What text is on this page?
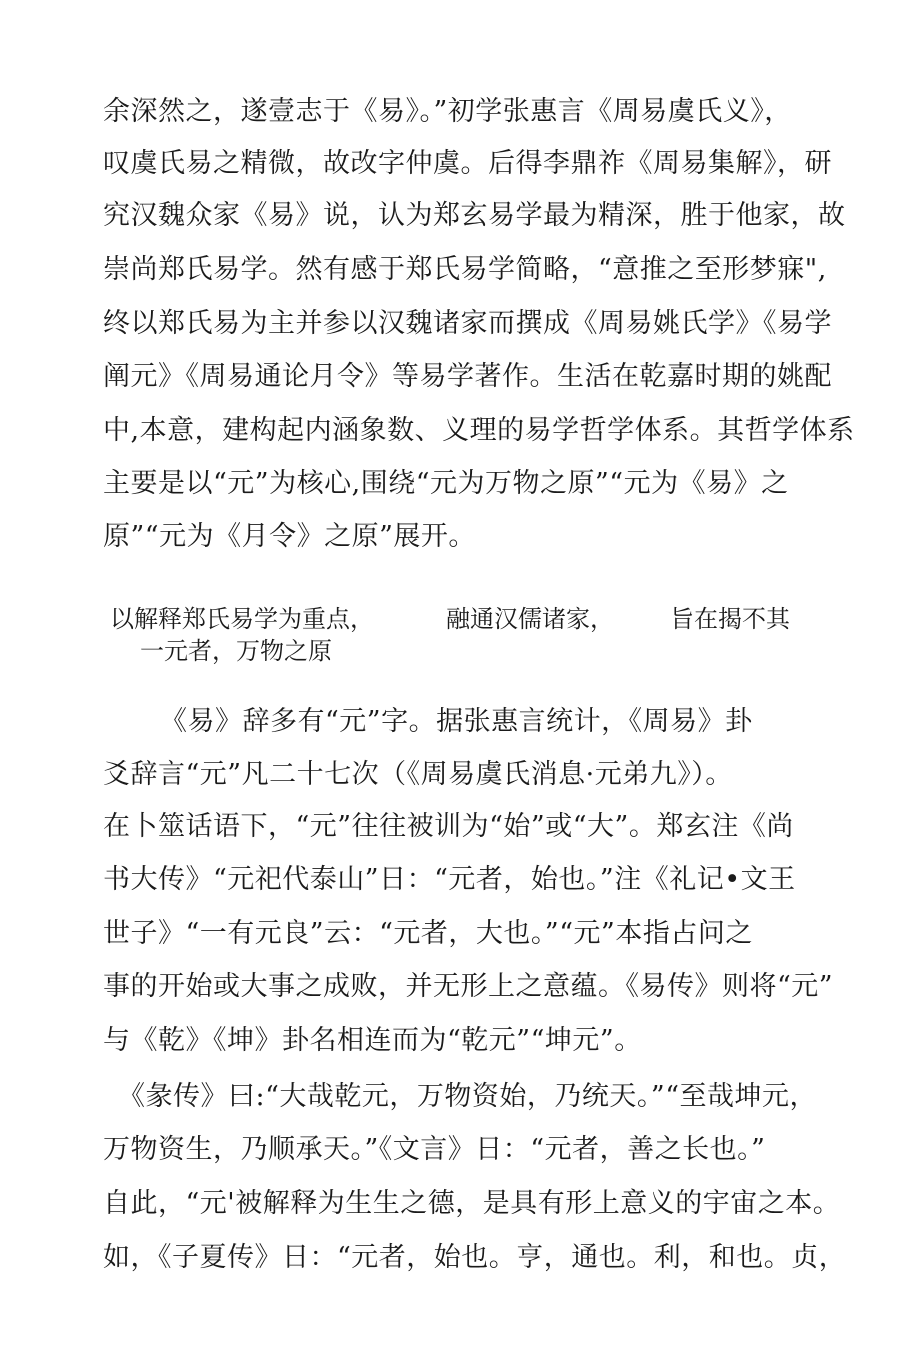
余深然之，遂壹志于《易》。”初学张惠言《周易虞氏义》，
叹虞氏易之精微，故改字仲虞。后得李鼎祚《周易集解》，研
究汉魏众家《易》说，认为郑玄易学最为精深，胜于他家，故
崇尚郑氏易学。然有感于郑氏易学简略，“意推之至形梦寐",
终以郑氏易为主并参以汉魏诸家而撰成《周易姚氏学》《易学
阐元》《周易通论月令》等易学著作。生活在乾嘉时期的姚配
中,本意，建构起内涵象数、义理的易学哲学体系。其哲学体系
主要是以“元”为核心,围绕“元为万物之原”“元为《易》之
原”“元为《月令》之原”展开。
以解释郑氏易学为重点，	融通汉儒诸家， 旨在揭不其
一元者，万物之原
《易》辞多有“元”字。据张惠言统计，《周易》卦
爻辞言“元”凡二十七次（《周易虞氏消息·元弟九》）。
在卜筮话语下，“元”往往被训为“始”或“大”。郑玄注《尚
书大传》“元祀代泰山”日：“元者，始也。”注《礼记•文王
世子》“一有元良”云：“元者，大也。”“元”本指占问之
事的开始或大事之成败，并无形上之意蕴。《易传》则将“元”
与《乾》《坤》卦名相连而为“乾元”“坤元”。
《彖传》曰:“大哉乾元，万物资始，乃统天。”“至哉坤元，
万物资生，乃顺承天。”《文言》日：“元者，善之长也。”
自此，“元'被解释为生生之德，是具有形上意义的宇宙之本。
如，《子夏传》日：“元者，始也。亨，通也。利，和也。贞，
